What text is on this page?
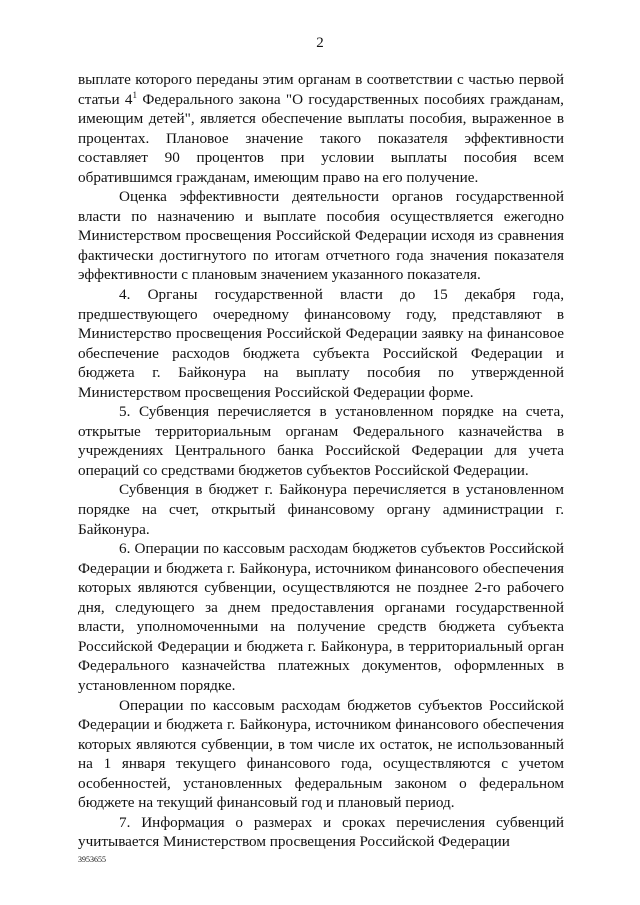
2

выплате которого переданы этим органам в соответствии с частью первой статьи $4^1$ Федерального закона "О государственных пособиях гражданам, имеющим детей", является обеспечение выплаты пособия, выраженное в процентах. Плановое значение такого показателя эффективности составляет 90 процентов при условии выплаты пособия всем обратившимся гражданам, имеющим право на его получение.

Оценка эффективности деятельности органов государственной власти по назначению и выплате пособия осуществляется ежегодно Министерством просвещения Российской Федерации исходя из сравнения фактически достигнутого по итогам отчетного года значения показателя эффективности с плановым значением указанного показателя.

4. Органы государственной власти до 15 декабря года, предшествующего очередному финансовому году, представляют в Министерство просвещения Российской Федерации заявку на финансовое обеспечение расходов бюджета субъекта Российской Федерации и бюджета г. Байконура на выплату пособия по утвержденной Министерством просвещения Российской Федерации форме.

5. Субвенция перечисляется в установленном порядке на счета, открытые территориальным органам Федерального казначейства в учреждениях Центрального банка Российской Федерации для учета операций со средствами бюджетов субъектов Российской Федерации.

Субвенция в бюджет г. Байконура перечисляется в установленном порядке на счет, открытый финансовому органу администрации г. Байконура.

6. Операции по кассовым расходам бюджетов субъектов Российской Федерации и бюджета г. Байконура, источником финансового обеспечения которых являются субвенции, осуществляются не позднее 2-го рабочего дня, следующего за днем предоставления органами государственной власти, уполномоченными на получение средств бюджета субъекта Российской Федерации и бюджета г. Байконура, в территориальный орган Федерального казначейства платежных документов, оформленных в установленном порядке.

Операции по кассовым расходам бюджетов субъектов Российской Федерации и бюджета г. Байконура, источником финансового обеспечения которых являются субвенции, в том числе их остаток, не использованный на 1 января текущего финансового года, осуществляются с учетом особенностей, установленных федеральным законом о федеральном бюджете на текущий финансовый год и плановый период.

7. Информация о размерах и сроках перечисления субвенций учитывается Министерством просвещения Российской Федерации

3953655
